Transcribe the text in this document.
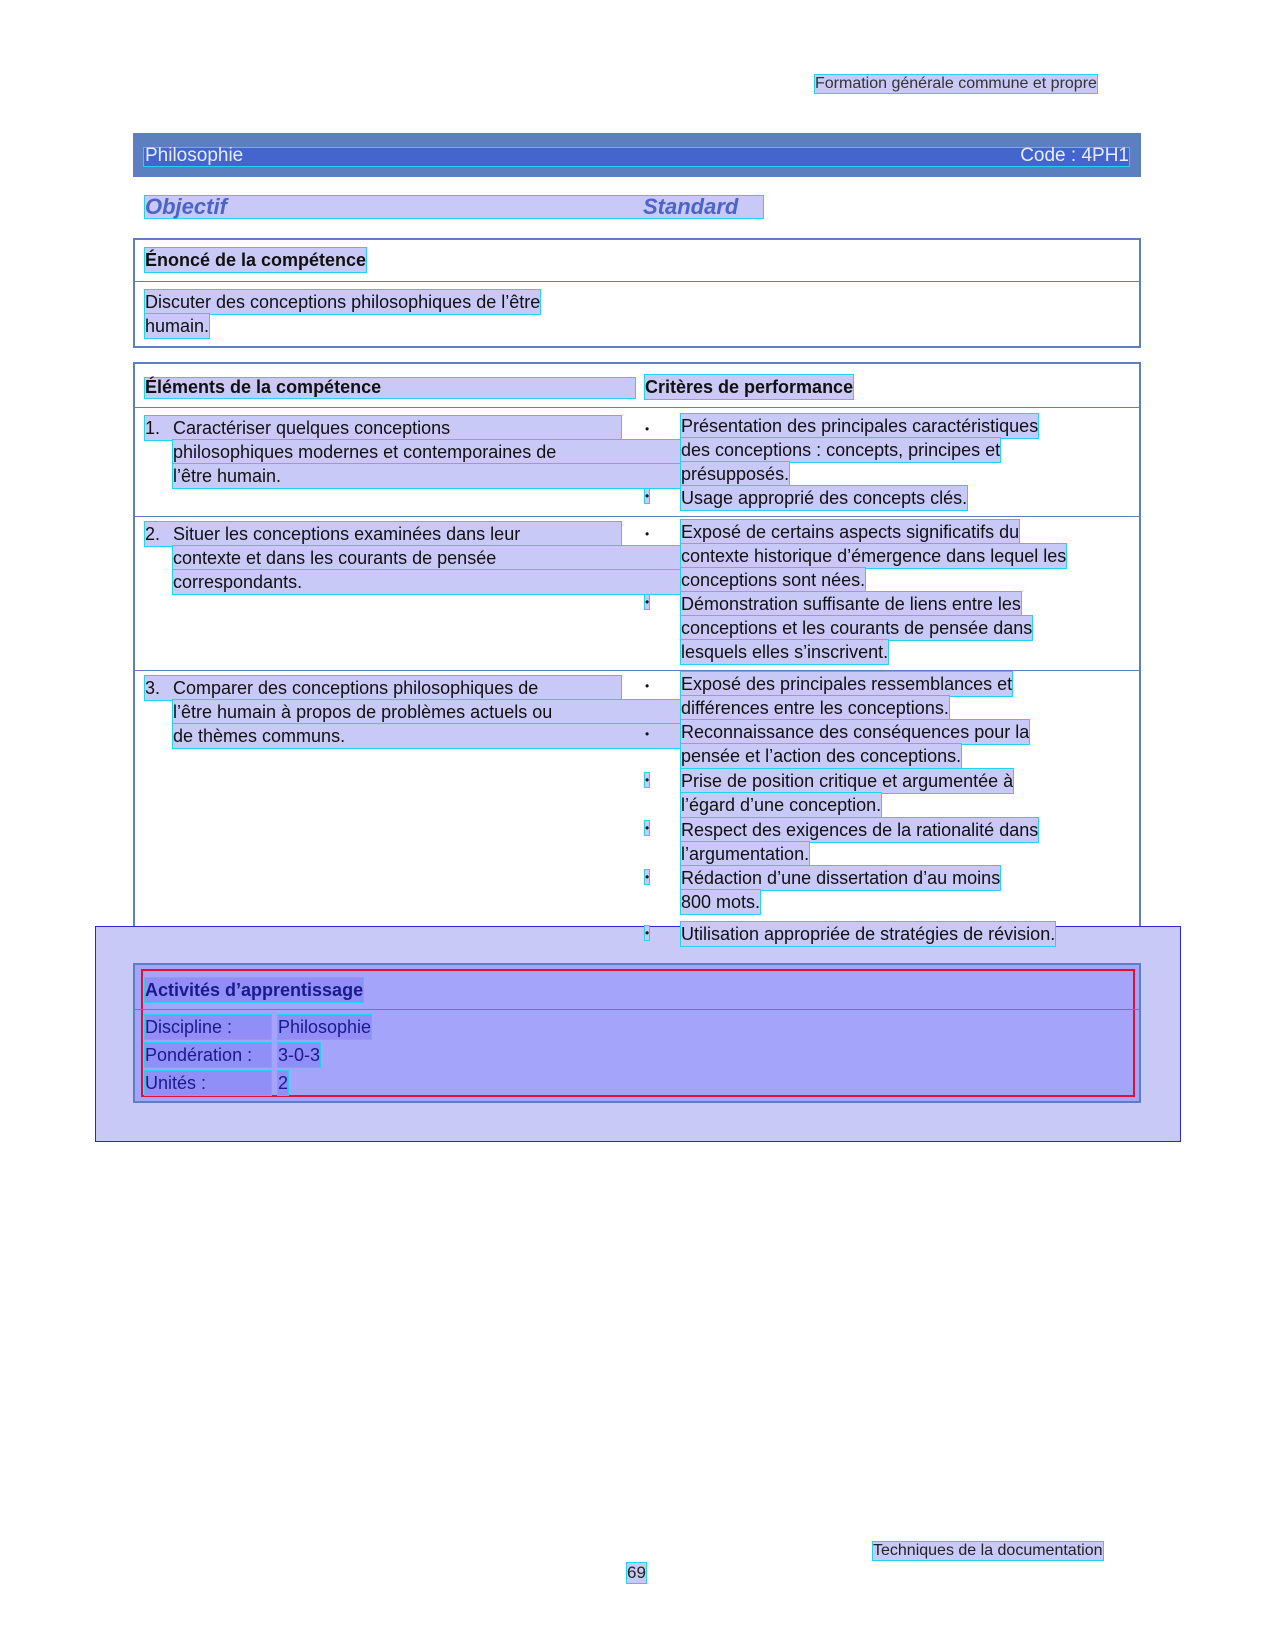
Formation générale commune et propre
Philosophie	Code : 4PH1
Objectif	Standard
Énoncé de la compétence
Discuter des conceptions philosophiques de l’être
humain.
Éléments de la compétence	Critères de performance
1. Caractériser quelques conceptions
philosophiques modernes et contemporaines de
l’être humain.
• Présentation des principales caractéristiques
des conceptions : concepts, principes et
présupposés.
• Usage approprié des concepts clés.
2. Situer les conceptions examinées dans leur
contexte et dans les courants de pensée
correspondants.
• Exposé de certains aspects significatifs du
contexte historique d’émergence dans lequel les
conceptions sont nées.
• Démonstration suffisante de liens entre les
conceptions et les courants de pensée dans
lesquels elles s’inscrivent.
3. Comparer des conceptions philosophiques de
l’être humain à propos de problèmes actuels ou
de thèmes communs.
• Exposé des principales ressemblances et
différences entre les conceptions.
• Reconnaissance des conséquences pour la
pensée et l’action des conceptions.
• Prise de position critique et argumentée à
l’égard d’une conception.
• Respect des exigences de la rationalité dans
l’argumentation.
• Rédaction d’une dissertation d’au moins
800 mots.
• Utilisation appropriée de stratégies de révision.
Activités d’apprentissage
Discipline :	Philosophie
Pondération :	3-0-3
Unités :	2
Techniques de la documentation
69
